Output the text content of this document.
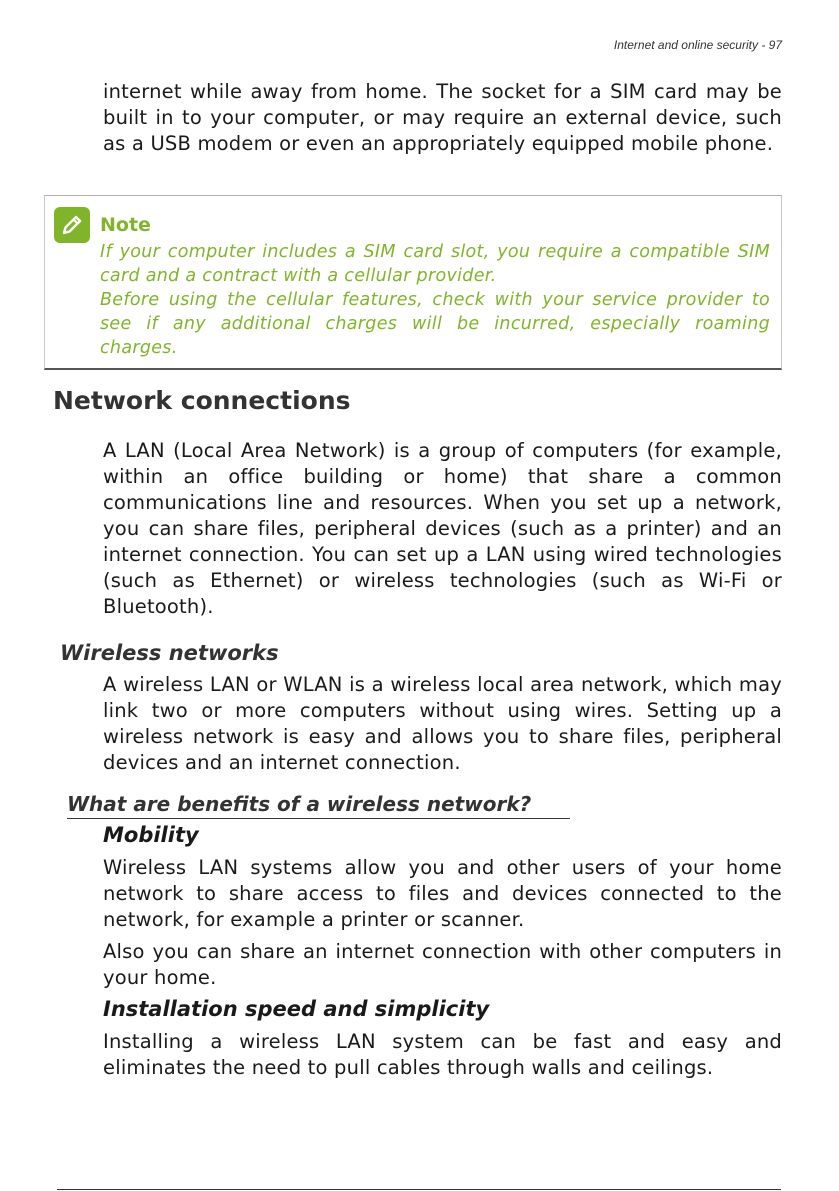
Internet and online security - 97

internet while away from home. The socket for a SIM card may be built in to your computer, or may require an external device, such as a USB modem or even an appropriately equipped mobile phone.

Note

If your computer includes a SIM card slot, you require a compatible SIM card and a contract with a cellular provider.

Before using the cellular features, check with your service provider to see if any additional charges will be incurred, especially roaming charges.

Network connections

A LAN (Local Area Network) is a group of computers (for example, within an office building or home) that share a common communications line and resources. When you set up a network, you can share files, peripheral devices (such as a printer) and an internet connection. You can set up a LAN using wired technologies (such as Ethernet) or wireless technologies (such as Wi-Fi or Bluetooth).

Wireless networks

A wireless LAN or WLAN is a wireless local area network, which may link two or more computers without using wires. Setting up a wireless network is easy and allows you to share files, peripheral devices and an internet connection.

What are benefits of a wireless network?
Mobility

Wireless LAN systems allow you and other users of your home network to share access to files and devices connected to the network, for example a printer or scanner.

Also you can share an internet connection with other computers in your home.

Installation speed and simplicity

Installing a wireless LAN system can be fast and easy and eliminates the need to pull cables through walls and ceilings.
